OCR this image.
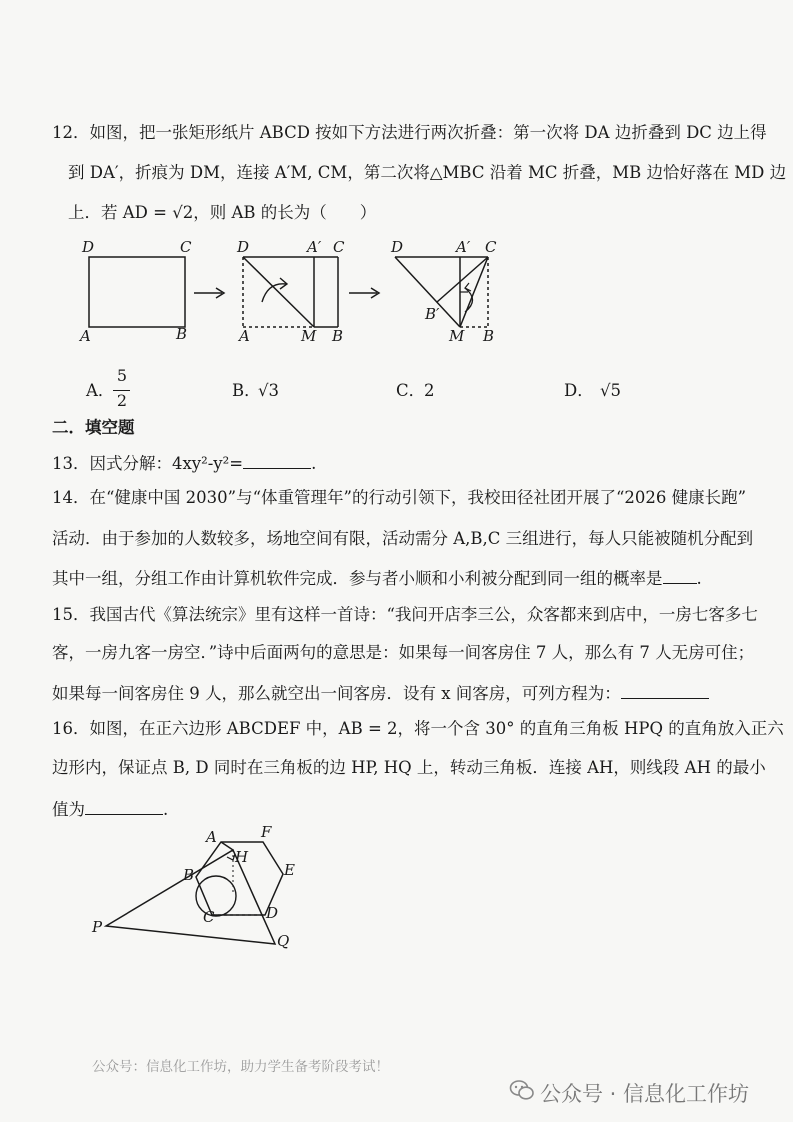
12．如图，把一张矩形纸片 ABCD 按如下方法进行两次折叠：第一次将 DA 边折叠到 DC 边上得
到 DA′，折痕为 DM，连接 A′M, CM，第二次将△MBC 沿着 MC 折叠，MB 边恰好落在 MD 边
上．若 AD = √2，则 AB 的长为（　　）
D	C
A	B
D	A′ C
A	M B
D	A′ C
B′
M B
A．
5
2
B．
√3	C．
2	D． √5
二．填空题
13．因式分解：4xy²-y²=	.
14．在“健康中国 2030”与“体重管理年”的行动引领下，我校田径社团开展了“2026 健康长跑”
活动．由于参加的人数较多，场地空间有限，活动需分 A,B,C 三组进行，每人只能被随机分配到
其中一组，分组工作由计算机软件完成．参与者小顺和小利被分配到同一组的概率是 .
15．我国古代《算法统宗》里有这样一首诗：“我问开店李三公，众客都来到店中，一房七客多七
客，一房九客一房空．”诗中后面两句的意思是：如果每一间客房住 7 人，那么有 7 人无房可住；
如果每一间客房住 9 人，那么就空出一间客房．设有 x 间客房，可列方程为：
16．如图，在正六边形 ABCDEF 中，AB = 2，将一个含 30° 的直角三角板 HPQ 的直角放入正六
边形内，保证点 B, D 同时在三角板的边 HP, HQ 上，转动三角板．连接 AH，则线段 AH 的最小
值为	.
A	F
H
B	E
C	D
P
Q
公众号：信息化工作坊，助力学生备考阶段考试！
公众号 · 信息化工作坊
